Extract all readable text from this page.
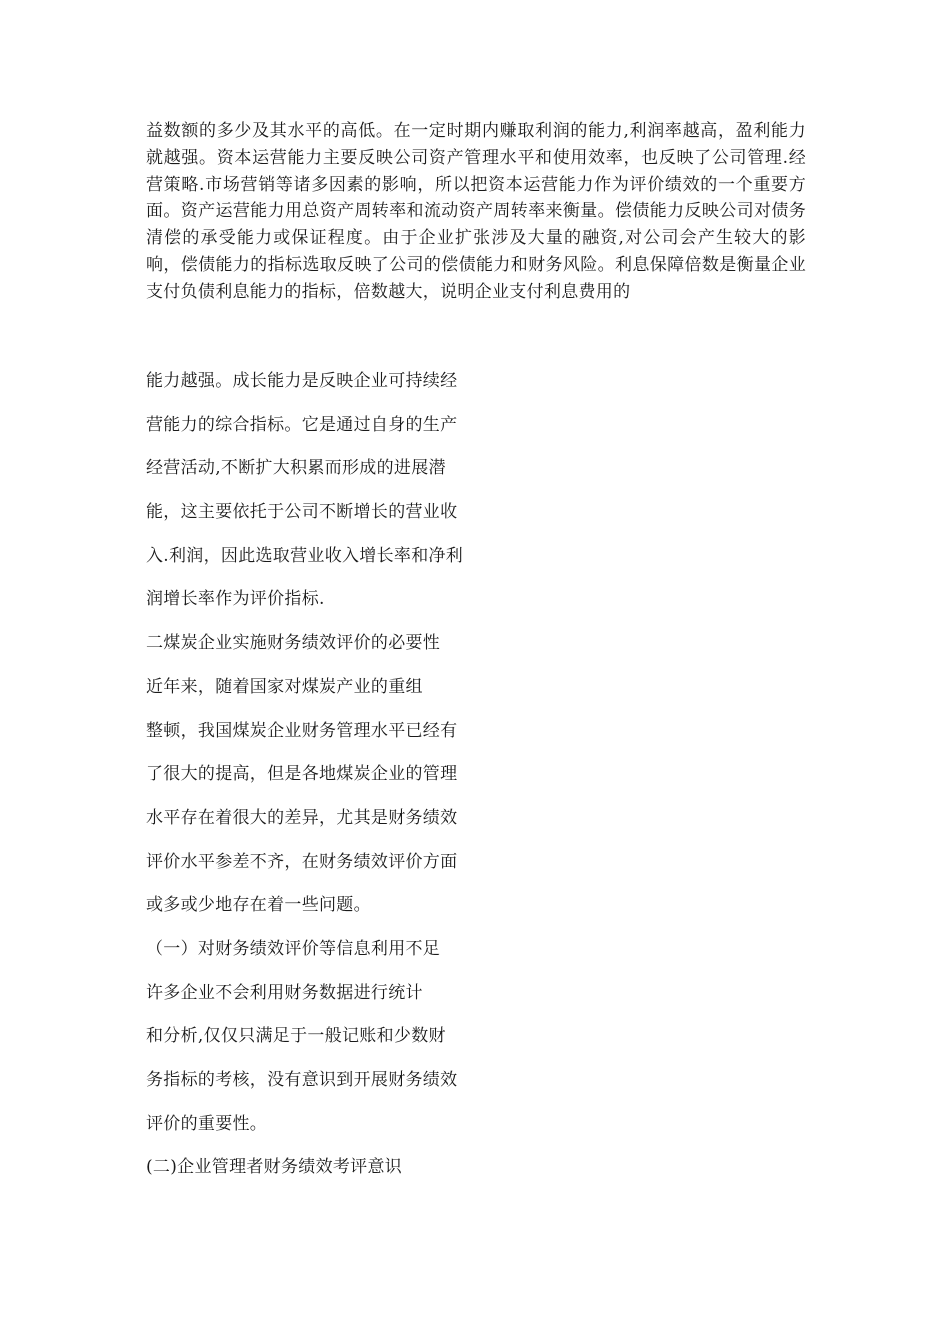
益数额的多少及其水平的高低。在一定时期内赚取利润的能力,利润率越高，盈利能力就越强。资本运营能力主要反映公司资产管理水平和使用效率，也反映了公司管理.经营策略.市场营销等诸多因素的影响，所以把资本运营能力作为评价绩效的一个重要方面。资产运营能力用总资产周转率和流动资产周转率来衡量。偿债能力反映公司对债务清偿的承受能力或保证程度。由于企业扩张涉及大量的融资,对公司会产生较大的影响，偿债能力的指标选取反映了公司的偿债能力和财务风险。利息保障倍数是衡量企业支付负债利息能力的指标，倍数越大，说明企业支付利息费用的

能力越强。成长能力是反映企业可持续经
营能力的综合指标。它是通过自身的生产
经营活动,不断扩大积累而形成的进展潜
能，这主要依托于公司不断增长的营业收
入.利润，因此选取营业收入增长率和净利
润增长率作为评价指标.
二煤炭企业实施财务绩效评价的必要性
近年来，随着国家对煤炭产业的重组
整顿，我国煤炭企业财务管理水平已经有
了很大的提高，但是各地煤炭企业的管理
水平存在着很大的差异，尤其是财务绩效
评价水平参差不齐，在财务绩效评价方面
或多或少地存在着一些问题。
（一）对财务绩效评价等信息利用不足
许多企业不会利用财务数据进行统计
和分析,仅仅只满足于一般记账和少数财
务指标的考核，没有意识到开展财务绩效
评价的重要性。
(二)企业管理者财务绩效考评意识
